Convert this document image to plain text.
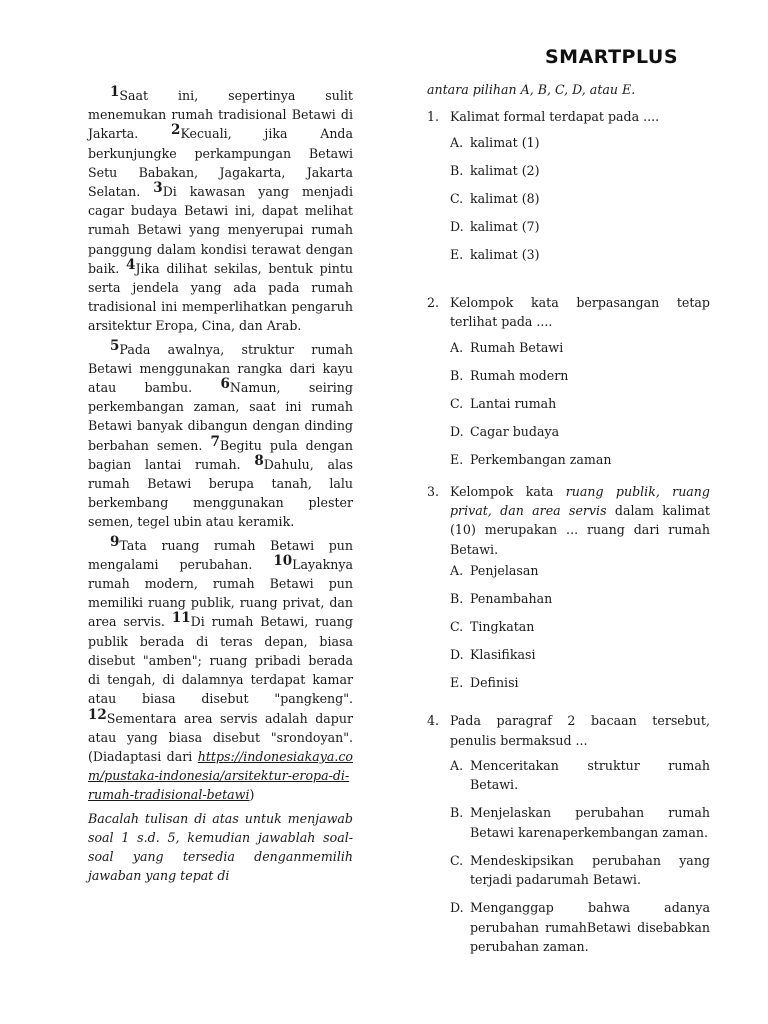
SMARTPLUS

1Saat ini, sepertinya sulit menemukan rumah tradisional Betawi di Jakarta. 2Kecuali, jika Anda berkunjungke perkampungan Betawi Setu Babakan, Jagakarta, Jakarta Selatan. 3Di kawasan yang menjadi cagar budaya Betawi ini, dapat melihat rumah Betawi yang menyerupai rumah panggung dalam kondisi terawat dengan baik. 4Jika dilihat sekilas, bentuk pintu serta jendela yang ada pada rumah tradisional ini memperlihatkan pengaruh arsitektur Eropa, Cina, dan Arab.

5Pada awalnya, struktur rumah Betawi menggunakan rangka dari kayu atau bambu. 6Namun, seiring perkembangan zaman, saat ini rumah Betawi banyak dibangun dengan dinding berbahan semen. 7Begitu pula dengan bagian lantai rumah. 8Dahulu, alas rumah Betawi berupa tanah, lalu berkembang menggunakan plester semen, tegel ubin atau keramik.

9Tata ruang rumah Betawi pun mengalami perubahan. 10Layaknya rumah modern, rumah Betawi pun memiliki ruang publik, ruang privat, dan area servis. 11Di rumah Betawi, ruang publik berada di teras depan, biasa disebut "amben"; ruang pribadi berada di tengah, di dalamnya terdapat kamar atau biasa disebut "pangkeng". 12Sementara area servis adalah dapur atau yang biasa disebut "srondoyan". (Diadaptasi dari https://indonesiakaya.com/pustaka-indonesia/arsitektur-eropa-di-rumah-tradisional-betawi)

Bacalah tulisan di atas untuk menjawab soal 1 s.d. 5, kemudian jawablah soal-soal yang tersedia denganmemilih jawaban yang tepat di

antara pilihan A, B, C, D, atau E.

1. Kalimat formal terdapat pada ....
A. kalimat (1)
B. kalimat (2)
C. kalimat (8)
D. kalimat (7)
E. kalimat (3)
2. Kelompok kata berpasangan tetap terlihat pada ....
A. Rumah Betawi
B. Rumah modern
C. Lantai rumah
D. Cagar budaya
E. Perkembangan zaman
3. Kelompok kata ruang publik, ruang privat, dan area servis dalam kalimat (10) merupakan ... ruang dari rumah Betawi.
A. Penjelasan
B. Penambahan
C. Tingkatan
D. Klasifikasi
E. Definisi
4. Pada paragraf 2 bacaan tersebut, penulis bermaksud ...
A. Menceritakan struktur rumah Betawi.
B. Menjelaskan perubahan rumah Betawi karenaperkembangan zaman.
C. Mendeskipsikan perubahan yang terjadi padarumah Betawi.
D. Menganggap bahwa adanya perubahan rumahBetawi disebabkan perubahan zaman.
